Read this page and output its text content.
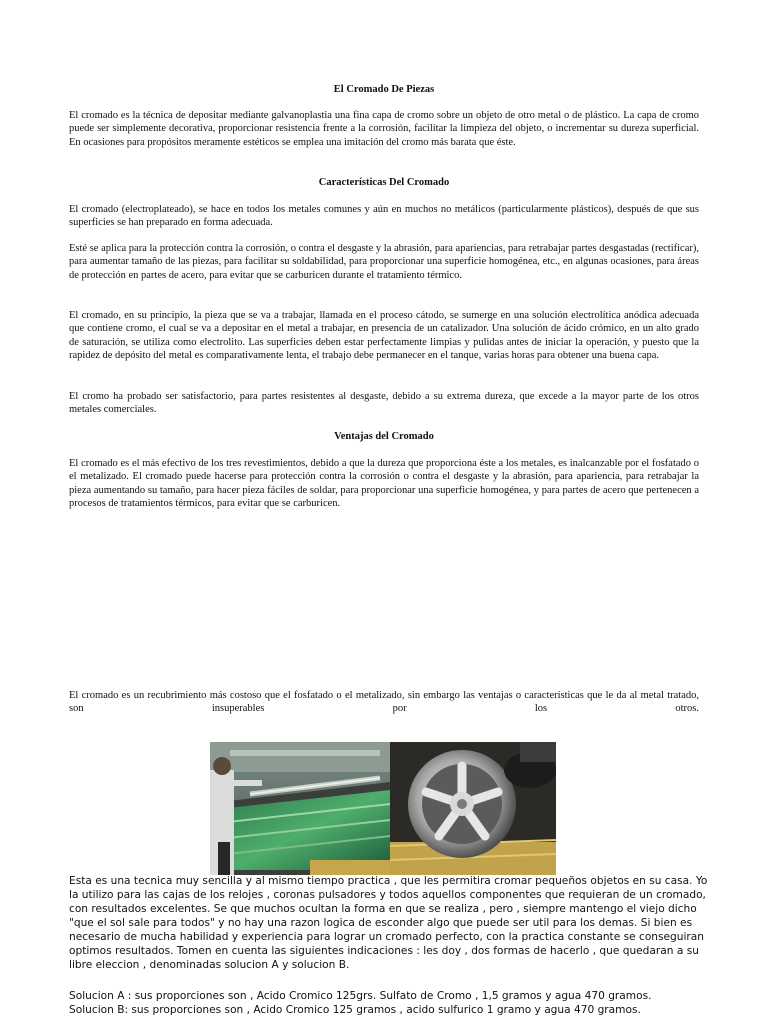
El Cromado De Piezas

El cromado es la técnica de depositar mediante galvanoplastia una fina capa de cromo sobre un objeto de otro metal o de plástico. La capa de cromo puede ser simplemente decorativa, proporcionar resistencia frente a la corrosión, facilitar la limpieza del objeto, o incrementar su dureza superficial. En ocasiones para propósitos meramente estéticos se emplea una imitación del cromo más barata que éste.

Características Del Cromado

El cromado (electroplateado), se hace en todos los metales comunes y aún en muchos no metálicos (particularmente plásticos), después de que sus superficies se han preparado en forma adecuada.

Esté se aplica para la protección contra la corrosión, o contra el desgaste y la abrasión, para apariencias, para retrabajar partes desgastadas (rectificar), para aumentar tamaño de las piezas, para facilitar su soldabilidad, para proporcionar una superficie homogénea, etc., en algunas ocasiones, para áreas de protección en partes de acero, para evitar que se carburicen durante el tratamiento térmico.

El cromado, en su principio, la pieza que se va a trabajar, llamada en el proceso cátodo, se sumerge en una solución electrolítica anódica adecuada que contiene cromo, el cual se va a depositar en el metal a trabajar, en presencia de un catalizador. Una solución de ácido crómico, en un alto grado de saturación, se utiliza como electrolito. Las superficies deben estar perfectamente limpias y pulidas antes de iniciar la operación, y puesto que la rapidez de depósito del metal es comparativamente lenta, el trabajo debe permanecer en el tanque, varias horas para obtener una buena capa.

El cromo ha probado ser satisfactorio, para partes resistentes al desgaste, debido a su extrema dureza, que excede a la mayor parte de los otros metales comerciales.

Ventajas del Cromado

El cromado es el más efectivo de los tres revestimientos, debido a que la dureza que proporciona éste a los metales, es inalcanzable por el fosfatado o el metalizado. El cromado puede hacerse para protección contra la corrosión o contra el desgaste y la abrasión, para apariencia, para retrabajar la pieza aumentando su tamaño, para hacer pieza fáciles de soldar, para proporcionar una superficie homogénea, y para partes de acero que pertenecen a procesos de tratamientos térmicos, para evitar que se carburicen.

El cromado es un recubrimiento más costoso que el fosfatado o el metalizado, sin embargo las ventajas o características que le da al metal tratado, son insuperables por los otros.

Esta es una tecnica muy sencilla y al mismo tiempo practica , que les permitira cromar pequeños objetos en su casa. Yo la utilizo para las cajas de los relojes , coronas pulsadores y todos aquellos componentes que requieran de un cromado, con resultados excelentes. Se que muchos ocultan la forma en que se realiza , pero , siempre mantengo el viejo dicho "que el sol sale para todos" y no hay una razon logica de esconder algo que puede ser util para los demas. Si bien es necesario de mucha habilidad y experiencia para lograr un cromado perfecto, con la practica constante se conseguiran optimos resultados. Tomen en cuenta las siguientes indicaciones : les doy , dos formas de hacerlo , que quedaran a su libre eleccion , denominadas solucion A y solucion B.

Solucion A : sus proporciones son , Acido Cromico 125grs. Sulfato de Cromo , 1,5 gramos y agua 470 gramos.

Solucion B: sus proporciones son , Acido Cromico 125 gramos , acido sulfurico 1 gramo y agua 470 gramos.
